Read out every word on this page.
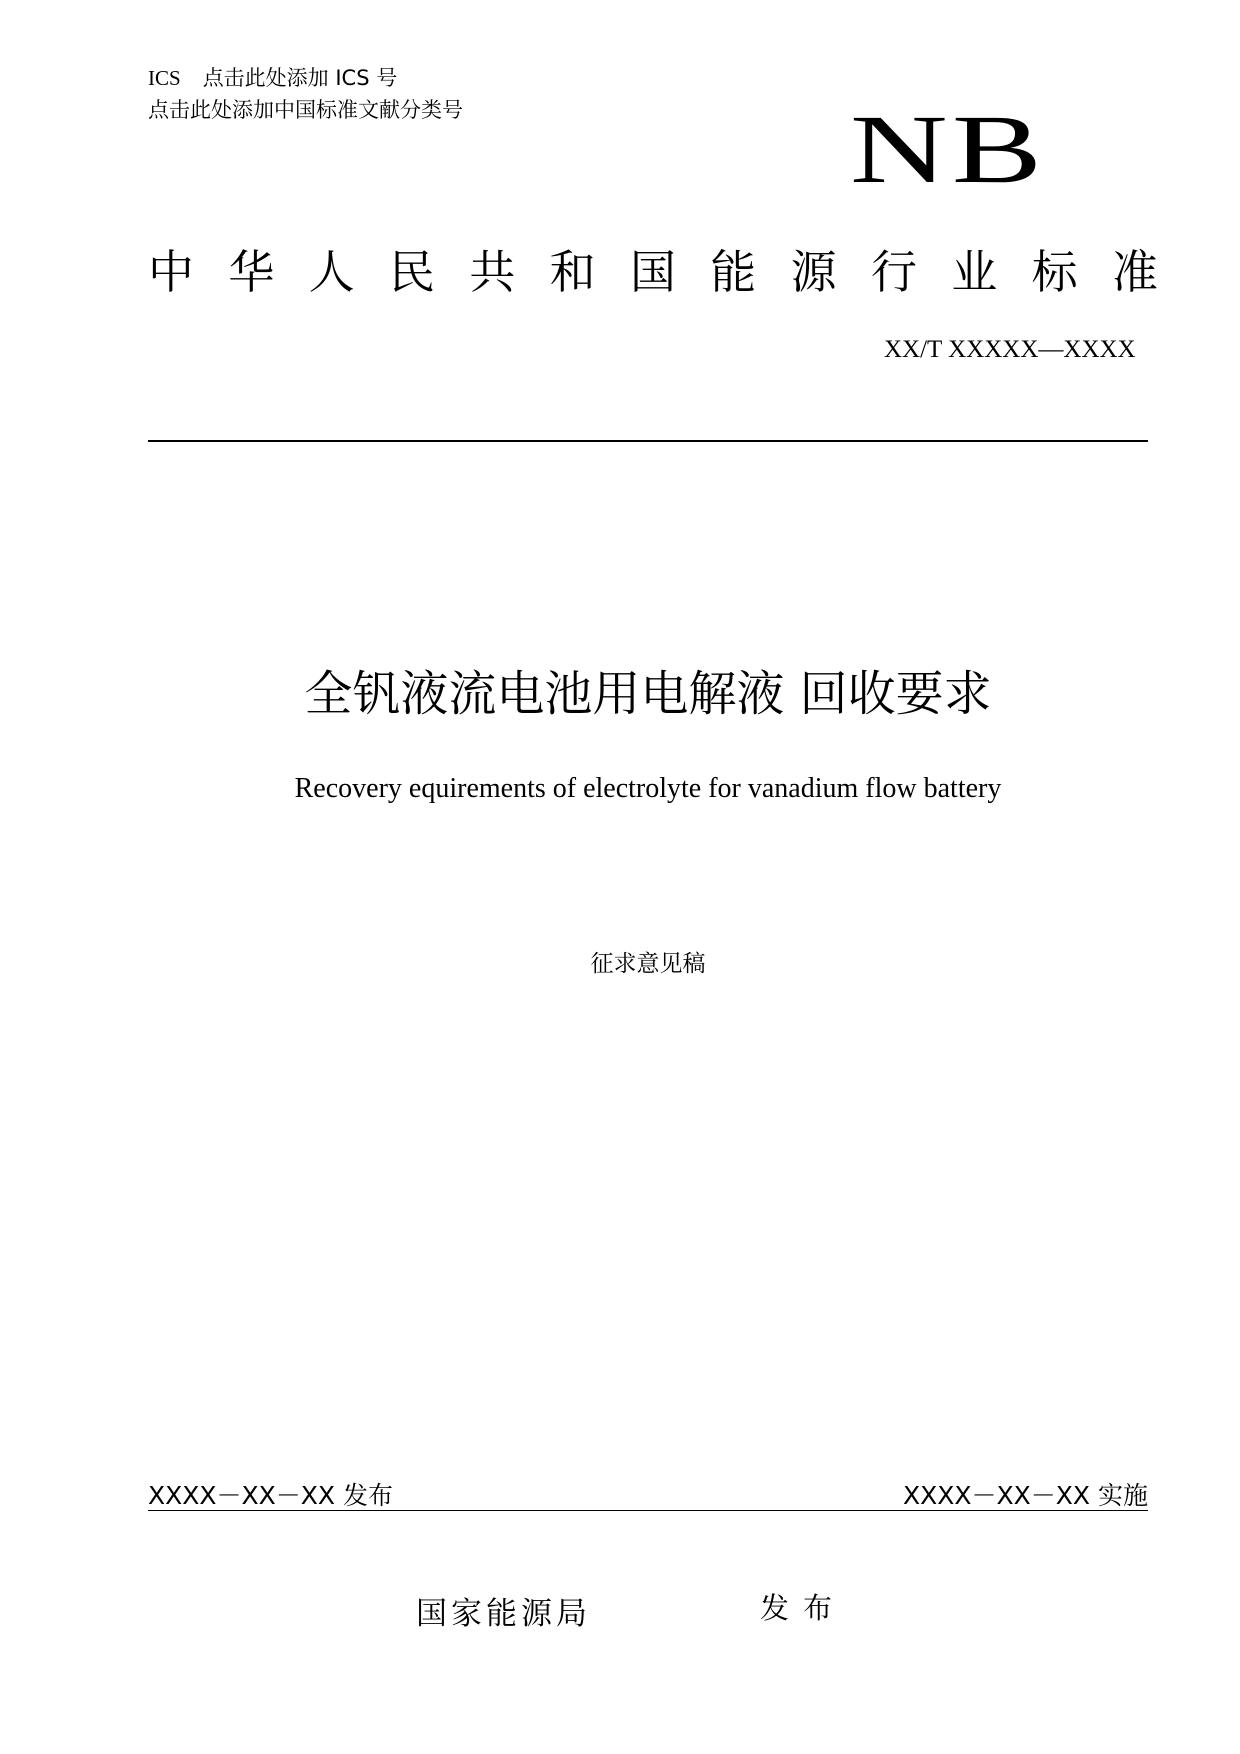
ICS 点击此处添加 ICS 号
点击此处添加中国标准文献分类号	NB
中 华 人 民 共 和 国 能 源 行 业 标 准
XX/T XXXXX—XXXX
全钒液流电池用电解液 回收要求
Recovery equirements of electrolyte for vanadium flow battery
征求意见稿
XXXX－XX－XX 发布	XXXX－XX－XX 实施
国家能源局	发布
